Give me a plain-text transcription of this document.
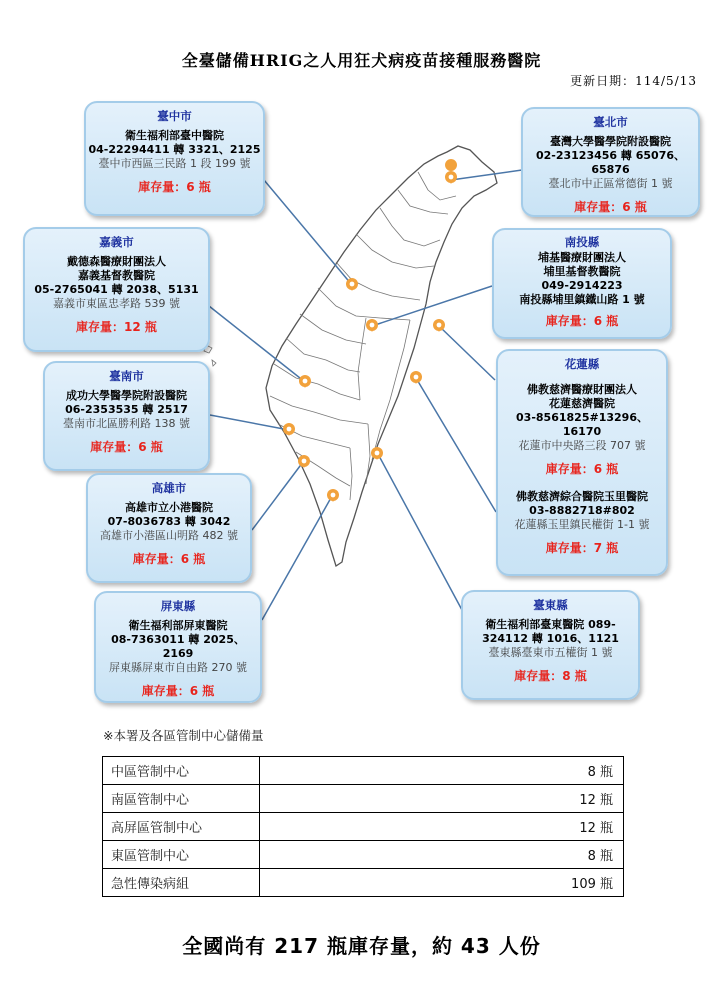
全臺儲備HRIG之人用狂犬病疫苗接種服務醫院
更新日期：114/5/13
臺中市
衛生福利部臺中醫院
04-22294411 轉 3321、2125
臺中市西區三民路 1 段 199 號
庫存量：6 瓶
嘉義市
戴德森醫療財團法人
嘉義基督教醫院
05-2765041 轉 2038、5131
嘉義市東區忠孝路 539 號
庫存量：12 瓶
臺南市
成功大學醫學院附設醫院
06-2353535 轉 2517
臺南市北區勝利路 138 號
庫存量：6 瓶
高雄市
高雄市立小港醫院
07-8036783 轉 3042
高雄市小港區山明路 482 號
庫存量：6 瓶
屏東縣
衛生福利部屏東醫院
08-7363011 轉 2025、2169
屏東縣屏東市自由路 270 號
庫存量：6 瓶
臺北市
臺灣大學醫學院附設醫院
02-23123456 轉 65076、65876
臺北市中正區常德街 1 號
庫存量：6 瓶
南投縣
埔基醫療財團法人
埔里基督教醫院
049-2914223
南投縣埔里鎮鐵山路 1 號
庫存量：6 瓶
花蓮縣
佛教慈濟醫療財團法人
花蓮慈濟醫院
03-8561825#13296、16170
花蓮市中央路三段 707 號
庫存量：6 瓶
佛教慈濟綜合醫院玉里醫院
03-8882718#802
花蓮縣玉里鎮民權街 1-1 號
庫存量：7 瓶
臺東縣
衛生福利部臺東醫院 089-
324112 轉 1016、1121
臺東縣臺東市五權街 1 號
庫存量：8 瓶
※本署及各區管制中心儲備量
中區管制中心	8 瓶
南區管制中心	12 瓶
高屏區管制中心	12 瓶
東區管制中心	8 瓶
急性傳染病組	109 瓶
全國尚有 217 瓶庫存量，約 43 人份
